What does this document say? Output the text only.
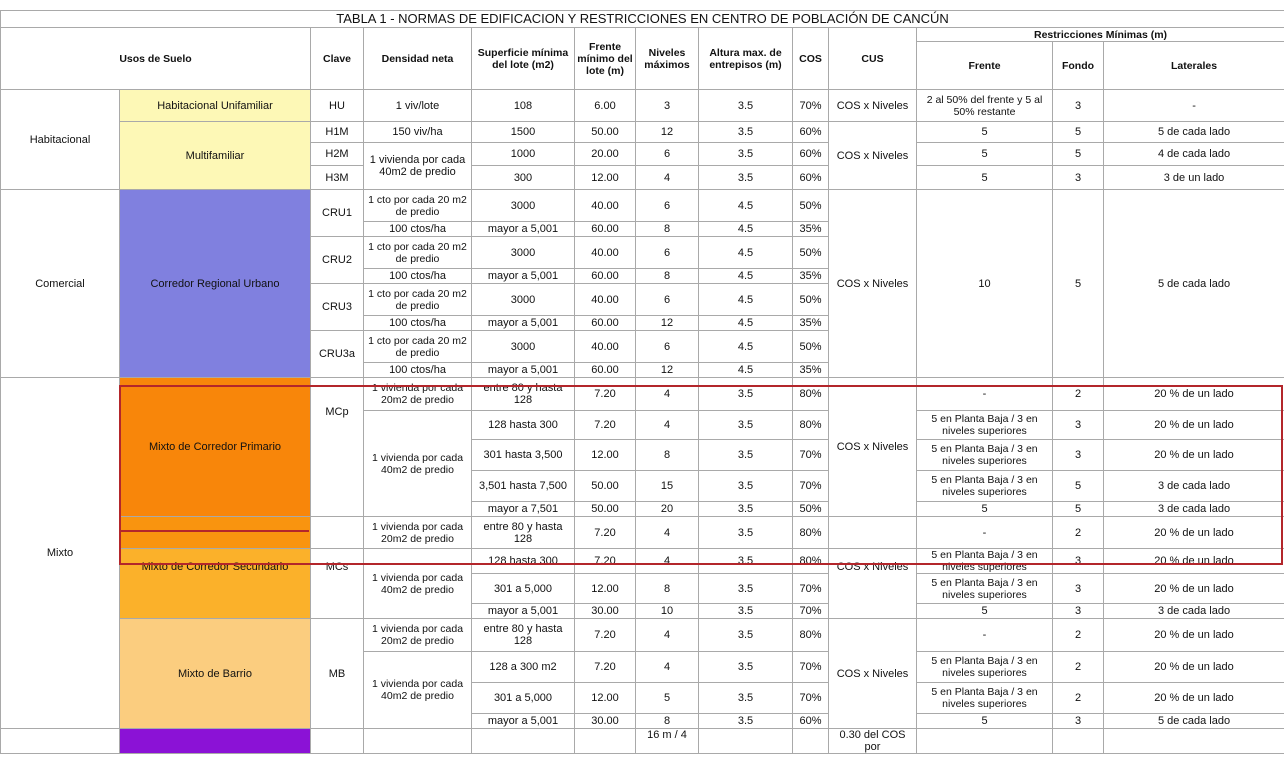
TABLA 1 - NORMAS DE EDIFICACION Y RESTRICCIONES EN CENTRO DE POBLACIÓN DE CANCÚN												
Usos de Suelo		Clave	Densidad neta	Superficie mínima del lote (m2)	Frente mínimo del lote (m)	Niveles máximos	Altura max. de entrepisos (m)	COS	CUS	Restricciones Mínimas (m)		
										Frente	Fondo	Laterales
Habitacional	Habitacional Unifamiliar	HU	1 viv/lote	108	6.00	3	3.5	70%	COS x Niveles	2 al 50% del frente y 5 al 50% restante	3	-
	Multifamiliar	H1M	150 viv/ha	1500	50.00	12	3.5	60%	COS x Niveles	5	5	5 de cada lado
		H2M	1 vivienda por cada 40m2 de predio	1000	20.00	6	3.5	60%		5	5	4 de cada lado
		H3M		300	12.00	4	3.5	60%		5	3	3 de un lado
Comercial	Corredor Regional Urbano	CRU1	1 cto por cada 20 m2 de predio	3000	40.00	6	4.5	50%	COS x Niveles	10	5	5 de cada lado
			100 ctos/ha	mayor a 5,001	60.00	8	4.5	35%				
		CRU2	1 cto por cada 20 m2 de predio	3000	40.00	6	4.5	50%				
			100 ctos/ha	mayor a 5,001	60.00	8	4.5	35%				
		CRU3	1 cto por cada 20 m2 de predio	3000	40.00	6	4.5	50%				
			100 ctos/ha	mayor a 5,001	60.00	12	4.5	35%				
		CRU3a	1 cto por cada 20 m2 de predio	3000	40.00	6	4.5	50%				
			100 ctos/ha	mayor a 5,001	60.00	12	4.5	35%				
Mixto	Mixto de Corredor Primario	MCp	1 vivienda por cada 20m2 de predio	entre 80 y hasta 128	7.20	4	3.5	80%	COS x Niveles	-	2	20 % de un lado
			1 vivienda por cada 40m2 de predio	128 hasta 300	7.20	4	3.5	80%		5 en Planta Baja / 3 en niveles superiores	3	20 % de un lado
				301 hasta 3,500	12.00	8	3.5	70%		5 en Planta Baja / 3 en niveles superiores	3	20 % de un lado
				3,501 hasta 7,500	50.00	15	3.5	70%		5 en Planta Baja / 3 en niveles superiores	5	3 de cada lado
				mayor a 7,501	50.00	20	3.5	50%		5	5	3 de cada lado
			1 vivienda por cada 20m2 de predio	entre 80 y hasta 128	7.20	4	3.5	80%		-	2	20 % de un lado
	Mixto de Corredor Secundario	MCs	1 vivienda por cada 40m2 de predio	128 hasta 300	7.20	4	3.5	80%	COS x Niveles	5 en Planta Baja / 3 en niveles superiores	3	20 % de un lado
				301 a 5,000	12.00	8	3.5	70%		5 en Planta Baja / 3 en niveles superiores	3	20 % de un lado
				mayor a 5,001	30.00	10	3.5	70%		5	3	3 de cada lado
	Mixto de Barrio	MB	1 vivienda por cada 20m2 de predio	entre 80 y hasta 128	7.20	4	3.5	80%	COS x Niveles	-	2	20 % de un lado
			1 vivienda por cada 40m2 de predio	128 a 300 m2	7.20	4	3.5	70%		5 en Planta Baja / 3 en niveles superiores	2	20 % de un lado
				301 a 5,000	12.00	5	3.5	70%		5 en Planta Baja / 3 en niveles superiores	2	20 % de un lado
				mayor a 5,001	30.00	8	3.5	60%		5	3	5 de cada lado
						16 m / 4			0.30 del COS por			
